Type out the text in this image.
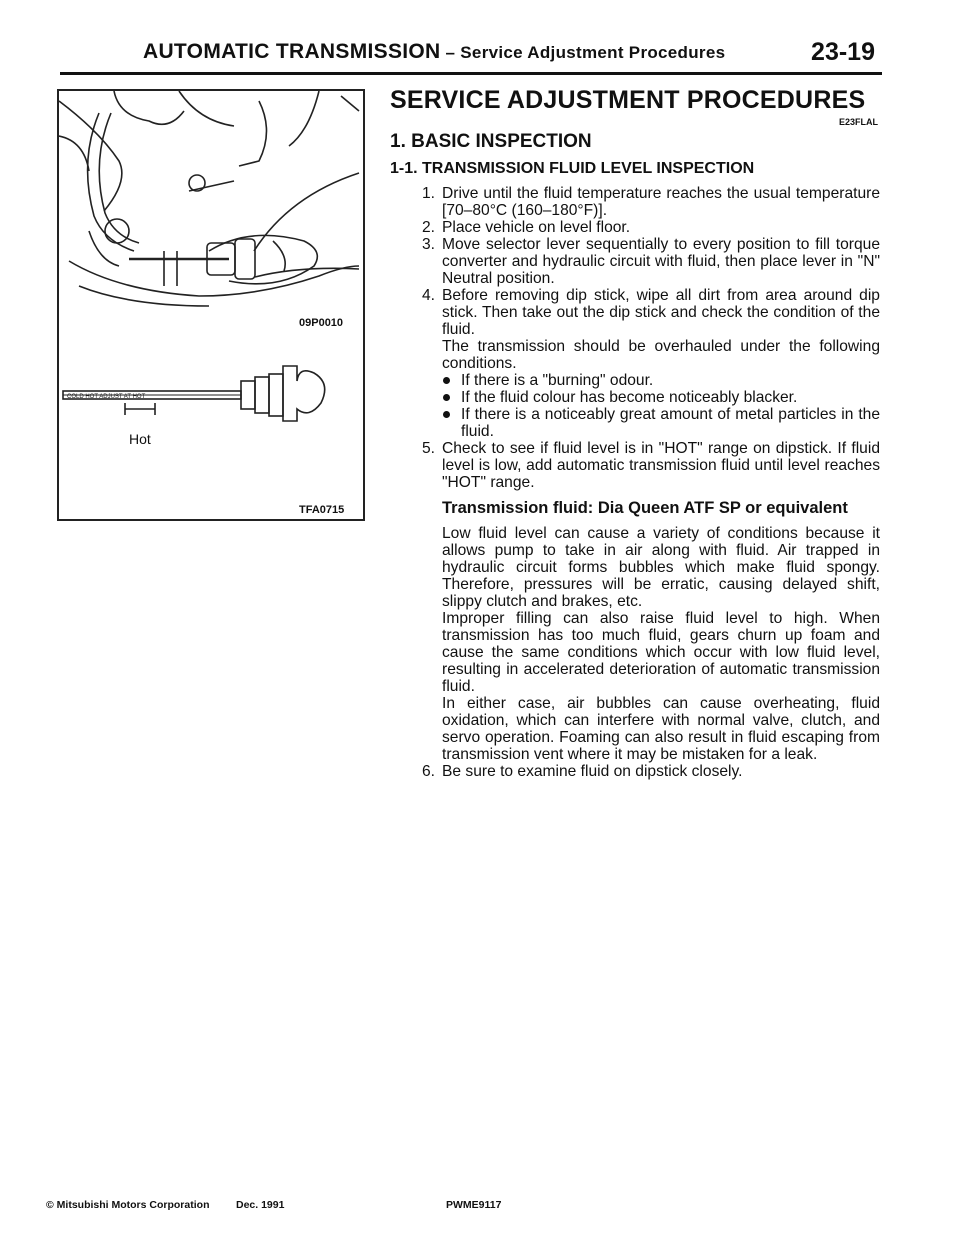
AUTOMATIC TRANSMISSION – Service Adjustment Procedures	23-19
COLD HOT ADJUST AT HOT
09P0010
Hot
TFA0715
SERVICE ADJUSTMENT PROCEDURES
E23FLAL
1. BASIC INSPECTION
1-1. TRANSMISSION FLUID LEVEL INSPECTION
1. Drive until the fluid temperature reaches the usual temperature [70–80°C (160–180°F)].
2. Place vehicle on level floor.
3. Move selector lever sequentially to every position to fill torque converter and hydraulic circuit with fluid, then place lever in "N" Neutral position.
4. Before removing dip stick, wipe all dirt from area around dip stick. Then take out the dip stick and check the condition of the fluid.
The transmission should be overhauled under the following conditions.
If there is a "burning" odour.
If the fluid colour has become noticeably blacker.
If there is a noticeably great amount of metal particles in the fluid.
5. Check to see if fluid level is in "HOT" range on dipstick. If fluid level is low, add automatic transmission fluid until level reaches "HOT" range.
Transmission fluid: Dia Queen ATF SP or equivalent
Low fluid level can cause a variety of conditions because it allows pump to take in air along with fluid. Air trapped in hydraulic circuit forms bubbles which make fluid spongy. Therefore, pressures will be erratic, causing delayed shift, slippy clutch and brakes, etc.
Improper filling can also raise fluid level to high. When transmission has too much fluid, gears churn up foam and cause the same conditions which occur with low fluid level, resulting in accelerated deterioration of automatic transmission fluid.
In either case, air bubbles can cause overheating, fluid oxidation, which can interfere with normal valve, clutch, and servo operation. Foaming can also result in fluid escaping from transmission vent where it may be mistaken for a leak.
6. Be sure to examine fluid on dipstick closely.
© Mitsubishi Motors Corporation	Dec. 1991	PWME9117
